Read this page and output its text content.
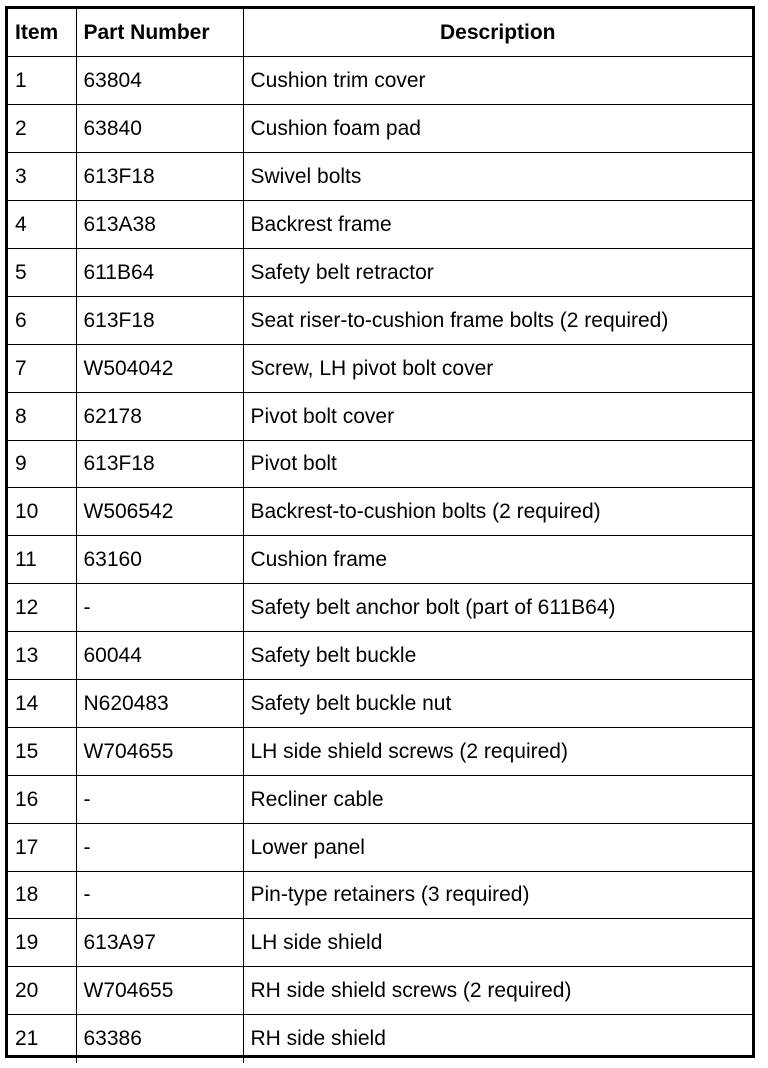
Item	Part Number	Description
1	63804	Cushion trim cover
2	63840	Cushion foam pad
3	613F18	Swivel bolts
4	613A38	Backrest frame
5	611B64	Safety belt retractor
6	613F18	Seat riser-to-cushion frame bolts (2 required)
7	W504042	Screw, LH pivot bolt cover
8	62178	Pivot bolt cover
9	613F18	Pivot bolt
10	W506542	Backrest-to-cushion bolts (2 required)
11	63160	Cushion frame
12	-	Safety belt anchor bolt (part of 611B64)
13	60044	Safety belt buckle
14	N620483	Safety belt buckle nut
15	W704655	LH side shield screws (2 required)
16	-	Recliner cable
17	-	Lower panel
18	-	Pin-type retainers (3 required)
19	613A97	LH side shield
20	W704655	RH side shield screws (2 required)
21	63386	RH side shield
